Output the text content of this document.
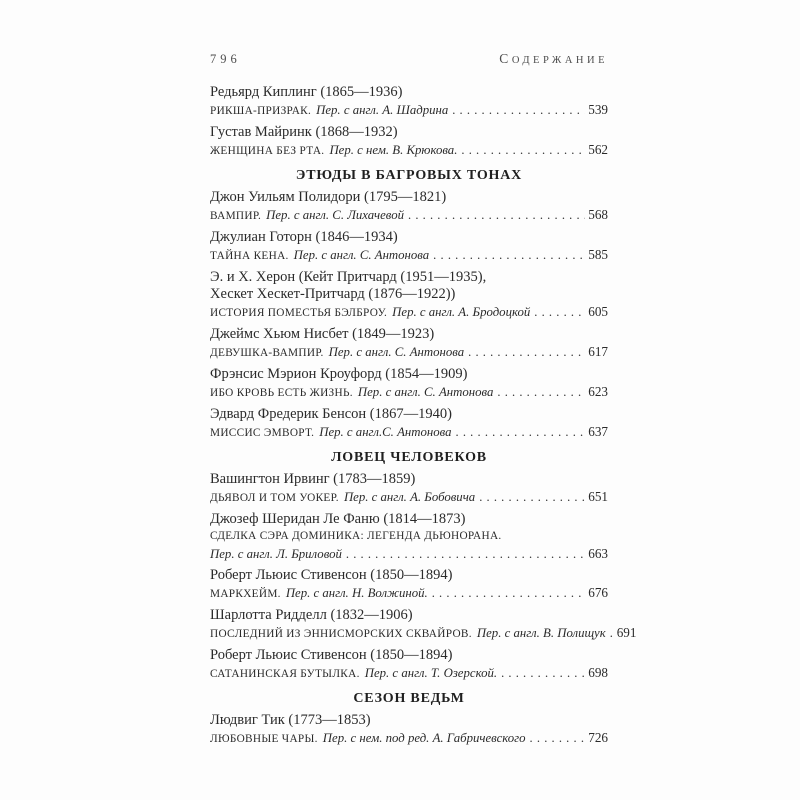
796	СОДЕРЖАНИЕ
Редьярд Киплинг (1865—1936)
РИКША-ПРИЗРАК. Пер. с англ. А. Шадрина .....	539
Густав Майринк (1868—1932)
ЖЕНЩИНА БЕЗ РТА. Пер. с нем. В. Крюкова. .....	562
ЭТЮДЫ В БАГРОВЫХ ТОНАХ
Джон Уильям Полидори (1795—1821)
ВАМПИР. Пер. с англ. С. Лихачевой .....	568
Джулиан Готорн (1846—1934)
ТАЙНА КЕНА. Пер. с англ. С. Антонова .....	585
Э. и Х. Херон (Кейт Притчард (1951—1935),
Хескет Хескет-Притчард (1876—1922))
ИСТОРИЯ ПОМЕСТЬЯ БЭЛБРОУ. Пер. с англ. А. Бродоцкой .....	605
Джеймс Хьюм Нисбет (1849—1923)
ДЕВУШКА-ВАМПИР. Пер. с англ. С. Антонова .....	617
Фрэнсис Мэрион Кроуфорд (1854—1909)
ИБО КРОВЬ ЕСТЬ ЖИЗНЬ. Пер. с англ. С. Антонова .....	623
Эдвард Фредерик Бенсон (1867—1940)
МИССИС ЭМВОРТ. Пер. с англ.С. Антонова .....	637
ЛОВЕЦ ЧЕЛОВЕКОВ
Вашингтон Ирвинг (1783—1859)
ДЬЯВОЛ И ТОМ УОКЕР. Пер. с англ. А. Бобовича .....	651
Джозеф Шеридан Ле Фаню (1814—1873)
СДЕЛКА СЭРА ДОМИНИКА: ЛЕГЕНДА ДЬЮНОРАНА.
Пер. с англ. Л. Бриловой .....	663
Роберт Льюис Стивенсон (1850—1894)
МАРКХЕЙМ. Пер. с англ. Н. Волжиной. .....	676
Шарлотта Ридделл (1832—1906)
ПОСЛЕДНИЙ ИЗ ЭННИСМОРСКИХ СКВАЙРОВ. Пер. с англ. В. Полищук ..... 691
Роберт Льюис Стивенсон (1850—1894)
САТАНИНСКАЯ БУТЫЛКА. Пер. с англ. Т. Озерской. .....	698
СЕЗОН ВЕДЬМ
Людвиг Тик (1773—1853)
ЛЮБОВНЫЕ ЧАРЫ. Пер. с нем. под ред. А. Габричевского .....	726
